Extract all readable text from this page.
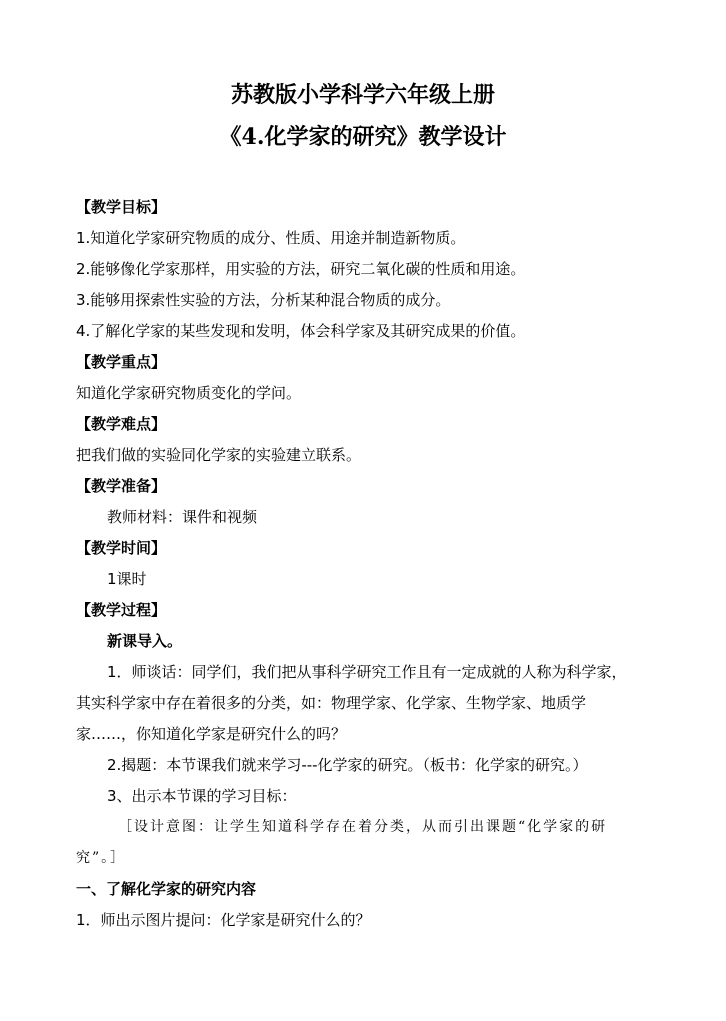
苏教版小学科学六年级上册
《4.化学家的研究》教学设计
【教学目标】
1.知道化学家研究物质的成分、性质、用途并制造新物质。
2.能够像化学家那样，用实验的方法，研究二氧化碳的性质和用途。
3.能够用探索性实验的方法，分析某种混合物质的成分。
4.了解化学家的某些发现和发明，体会科学家及其研究成果的价值。
【教学重点】
知道化学家研究物质变化的学问。
【教学难点】
把我们做的实验同化学家的实验建立联系。
【教学准备】
教师材料：课件和视频
【教学时间】
1课时
【教学过程】
新课导入。
1．师谈话：同学们，我们把从事科学研究工作且有一定成就的人称为科学家，
其实科学家中存在着很多的分类，如：物理学家、化学家、生物学家、地质学
家……，你知道化学家是研究什么的吗？
2.揭题：本节课我们就来学习---化学家的研究。（板书：化学家的研究。）
3、出示本节课的学习目标：
［设计意图：让学生知道科学存在着分类，从而引出课题“化学家的研
究”。］
一、了解化学家的研究内容
1．师出示图片提问：化学家是研究什么的？
